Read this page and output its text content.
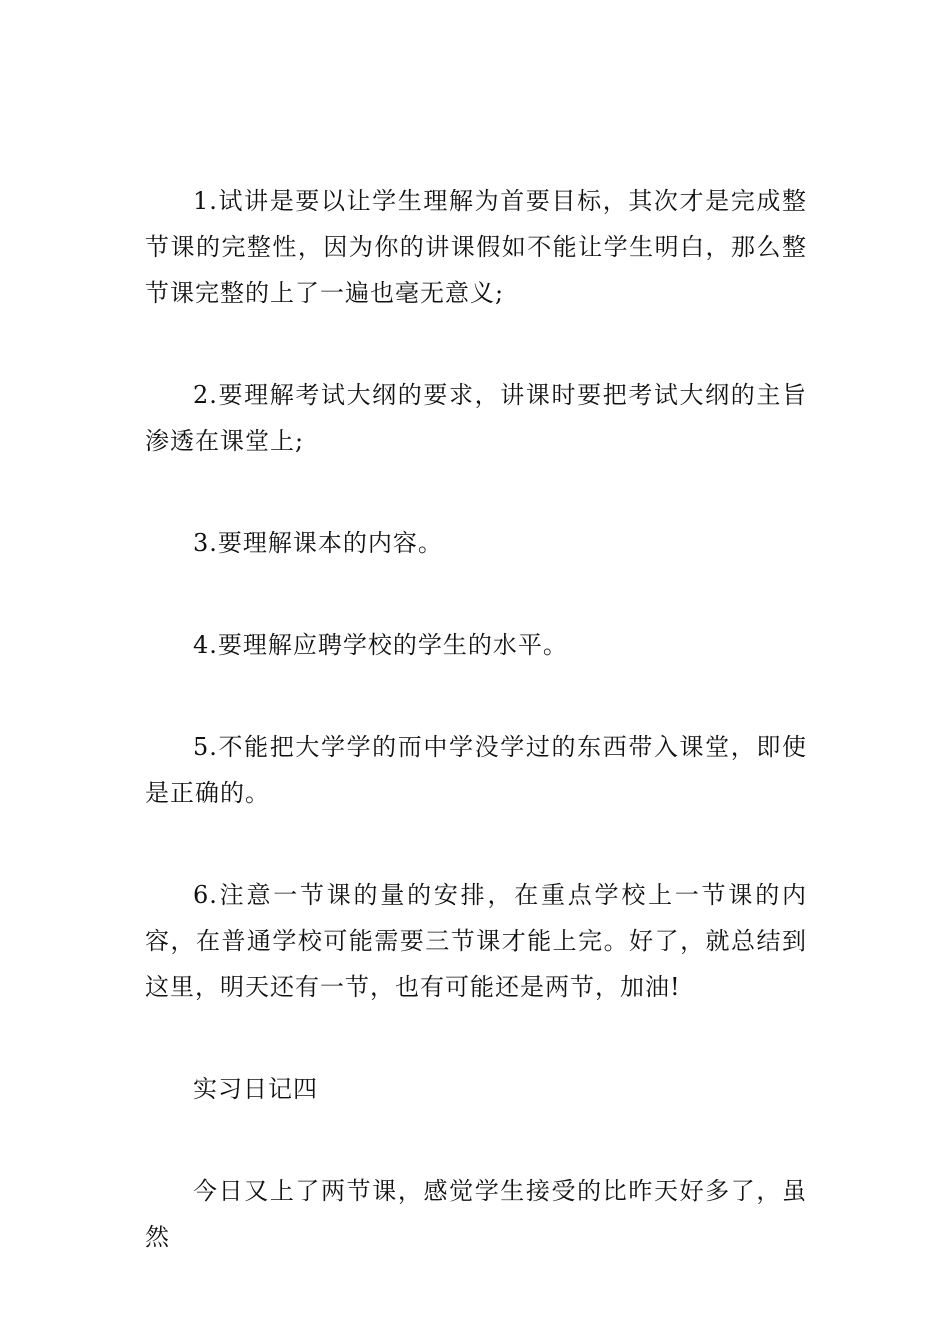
1.试讲是要以让学生理解为首要目标，其次才是完成整节课的完整性，因为你的讲课假如不能让学生明白，那么整节课完整的上了一遍也毫无意义;

2.要理解考试大纲的要求，讲课时要把考试大纲的主旨渗透在课堂上;

3.要理解课本的内容。

4.要理解应聘学校的学生的水平。

5.不能把大学学的而中学没学过的东西带入课堂，即使是正确的。

6.注意一节课的量的安排，在重点学校上一节课的内容，在普通学校可能需要三节课才能上完。好了，就总结到这里，明天还有一节，也有可能还是两节，加油!

实习日记四

今日又上了两节课，感觉学生接受的比昨天好多了，虽然
